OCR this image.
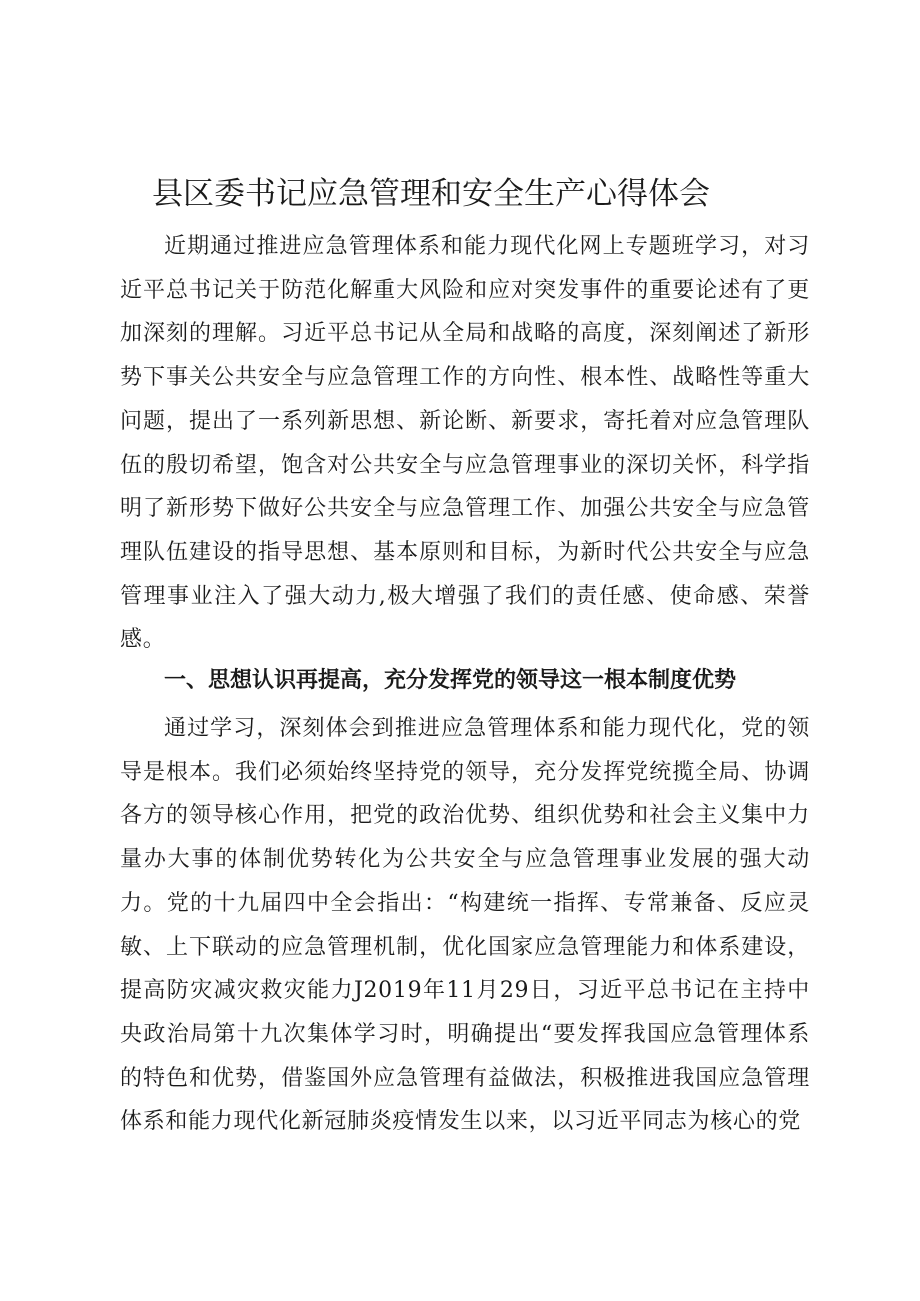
县区委书记应急管理和安全生产心得体会

近期通过推进应急管理体系和能力现代化网上专题班学习，对习近平总书记关于防范化解重大风险和应对突发事件的重要论述有了更加深刻的理解。习近平总书记从全局和战略的高度，深刻阐述了新形势下事关公共安全与应急管理工作的方向性、根本性、战略性等重大问题，提出了一系列新思想、新论断、新要求，寄托着对应急管理队伍的殷切希望，饱含对公共安全与应急管理事业的深切关怀，科学指明了新形势下做好公共安全与应急管理工作、加强公共安全与应急管理队伍建设的指导思想、基本原则和目标，为新时代公共安全与应急管理事业注入了强大动力,极大增强了我们的责任感、使命感、荣誉感。

一、思想认识再提高，充分发挥党的领导这一根本制度优势

通过学习，深刻体会到推进应急管理体系和能力现代化，党的领导是根本。我们必须始终坚持党的领导，充分发挥党统揽全局、协调各方的领导核心作用，把党的政治优势、组织优势和社会主义集中力量办大事的体制优势转化为公共安全与应急管理事业发展的强大动力。党的十九届四中全会指出：“构建统一指挥、专常兼备、反应灵敏、上下联动的应急管理机制，优化国家应急管理能力和体系建设，提高防灾减灾救灾能力J2019年11月29日，习近平总书记在主持中央政治局第十九次集体学习时，明确提出“要发挥我国应急管理体系的特色和优势，借鉴国外应急管理有益做法，积极推进我国应急管理体系和能力现代化新冠肺炎疫情发生以来，以习近平同志为核心的党
